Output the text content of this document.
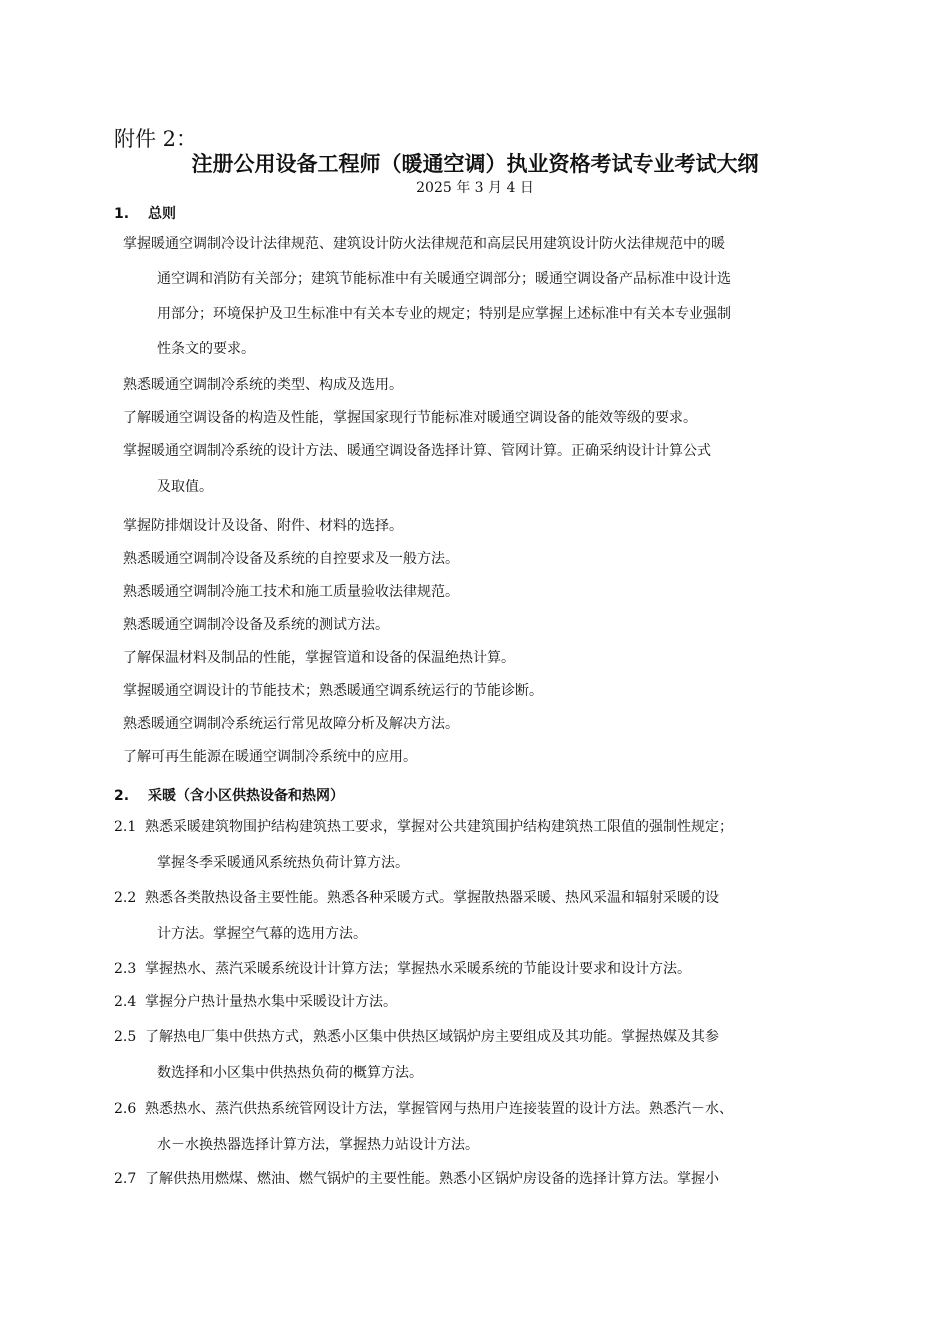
附件 2：
注册公用设备工程师（暖通空调）执业资格考试专业考试大纲
2025 年 3 月 4 日
1. 总则
掌握暖通空调制冷设计法律规范、建筑设计防火法律规范和高层民用建筑设计防火法律规范中的暖
通空调和消防有关部分；建筑节能标准中有关暖通空调部分；暖通空调设备产品标准中设计选
用部分；环境保护及卫生标准中有关本专业的规定；特别是应掌握上述标准中有关本专业强制
性条文的要求。
熟悉暖通空调制冷系统的类型、构成及选用。
了解暖通空调设备的构造及性能，掌握国家现行节能标准对暖通空调设备的能效等级的要求。
掌握暖通空调制冷系统的设计方法、暖通空调设备选择计算、管网计算。正确采纳设计计算公式
及取值。
掌握防排烟设计及设备、附件、材料的选择。
熟悉暖通空调制冷设备及系统的自控要求及一般方法。
熟悉暖通空调制冷施工技术和施工质量验收法律规范。
熟悉暖通空调制冷设备及系统的测试方法。
了解保温材料及制品的性能，掌握管道和设备的保温绝热计算。
掌握暖通空调设计的节能技术；熟悉暖通空调系统运行的节能诊断。
熟悉暖通空调制冷系统运行常见故障分析及解决方法。
了解可再生能源在暖通空调制冷系统中的应用。
2. 采暖（含小区供热设备和热网）
2.1 熟悉采暖建筑物围护结构建筑热工要求，掌握对公共建筑围护结构建筑热工限值的强制性规定；
掌握冬季采暖通风系统热负荷计算方法。
2.2 熟悉各类散热设备主要性能。熟悉各种采暖方式。掌握散热器采暖、热风采温和辐射采暖的设
计方法。掌握空气幕的选用方法。
2.3 掌握热水、蒸汽采暖系统设计计算方法；掌握热水采暖系统的节能设计要求和设计方法。
2.4 掌握分户热计量热水集中采暖设计方法。
2.5 了解热电厂集中供热方式，熟悉小区集中供热区域锅炉房主要组成及其功能。掌握热媒及其参
数选择和小区集中供热热负荷的概算方法。
2.6 熟悉热水、蒸汽供热系统管网设计方法，掌握管网与热用户连接装置的设计方法。熟悉汽－水、
水－水换热器选择计算方法，掌握热力站设计方法。
2.7 了解供热用燃煤、燃油、燃气锅炉的主要性能。熟悉小区锅炉房设备的选择计算方法。掌握小
